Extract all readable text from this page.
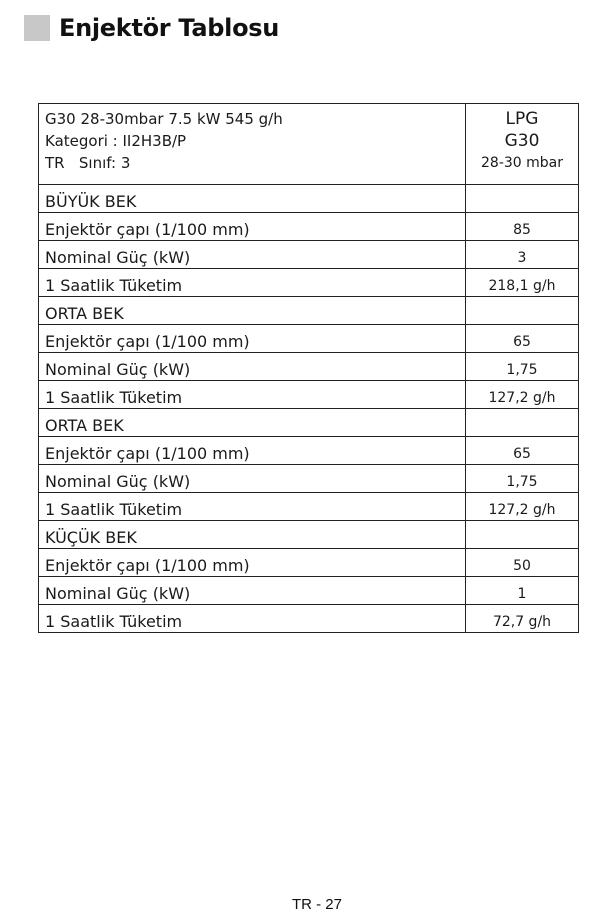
Enjektör Tablosu
G30 28-30mbar 7.5 kW 545 g/h
Kategori : II2H3B/P
TR   Sınıf: 3	LPG
G30
28-30 mbar

BÜYÜK BEK	
Enjektör çapı (1/100 mm)	85
Nominal Güç (kW)	3
1 Saatlik Tüketim	218,1 g/h
ORTA BEK	
Enjektör çapı (1/100 mm)	65
Nominal Güç (kW)	1,75
1 Saatlik Tüketim	127,2 g/h
ORTA BEK	
Enjektör çapı (1/100 mm)	65
Nominal Güç (kW)	1,75
1 Saatlik Tüketim	127,2 g/h
KÜÇÜK BEK	
Enjektör çapı (1/100 mm)	50
Nominal Güç (kW)	1
1 Saatlik Tüketim	72,7 g/h
TR - 27
